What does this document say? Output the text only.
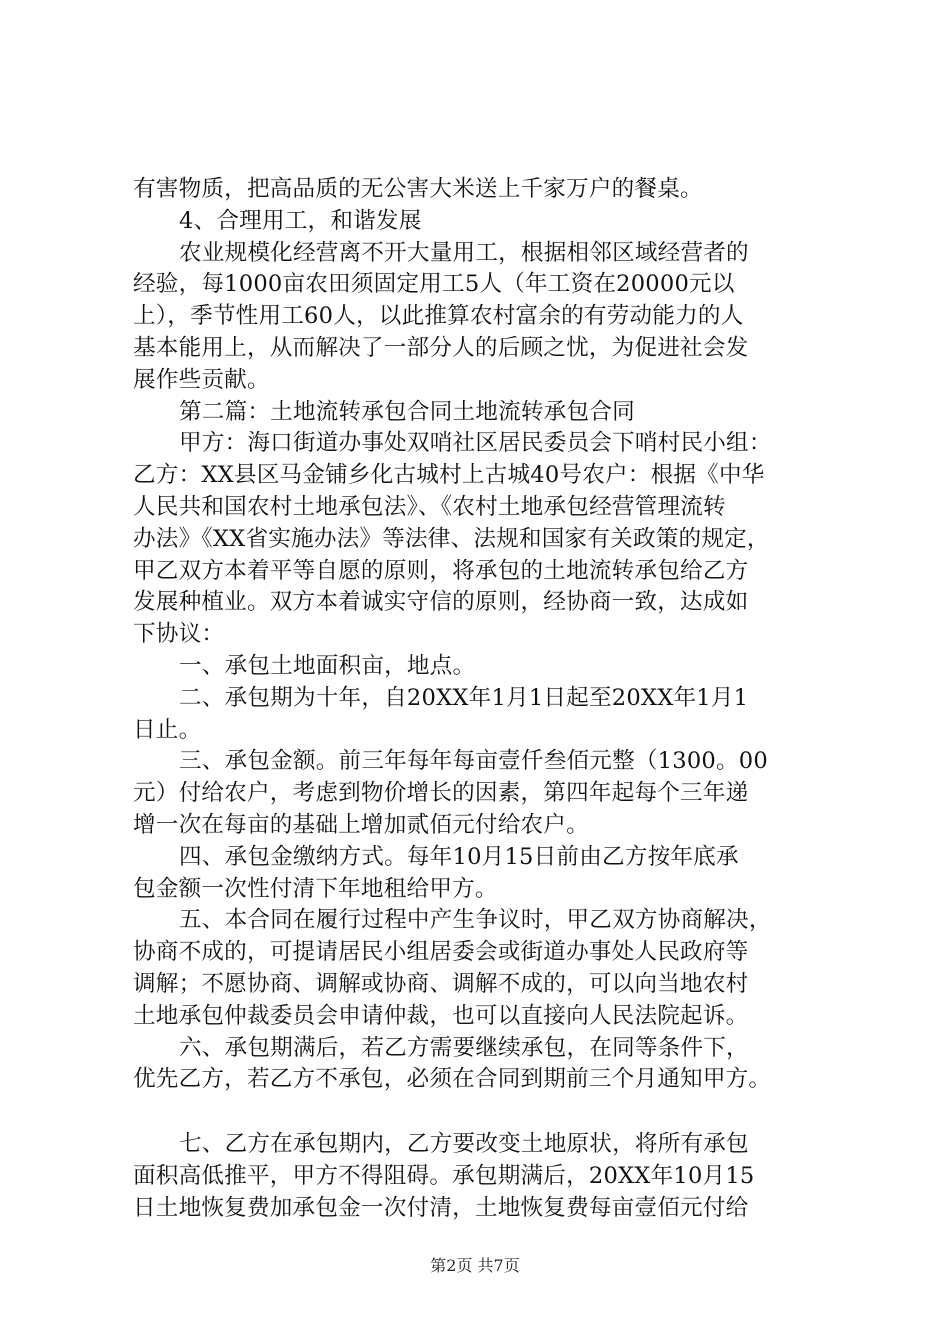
有害物质，把高品质的无公害大米送上千家万户的餐桌。
4、合理用工，和谐发展
农业规模化经营离不开大量用工，根据相邻区域经营者的
经验，每1000亩农田须固定用工5人（年工资在20000元以
上），季节性用工60人，以此推算农村富余的有劳动能力的人
基本能用上，从而解决了一部分人的后顾之忧，为促进社会发
展作些贡献。
第二篇：土地流转承包合同土地流转承包合同
甲方：海口街道办事处双哨社区居民委员会下哨村民小组：
乙方：XX县区马金铺乡化古城村上古城40号农户：根据《中华
人民共和国农村土地承包法》、《农村土地承包经营管理流转
办法》《XX省实施办法》等法律、法规和国家有关政策的规定，
甲乙双方本着平等自愿的原则，将承包的土地流转承包给乙方
发展种植业。双方本着诚实守信的原则，经协商一致，达成如
下协议：
一、承包土地面积亩，地点。
二、承包期为十年，自20XX年1月1日起至20XX年1月1
日止。
三、承包金额。前三年每年每亩壹仟叁佰元整（1300。00
元）付给农户，考虑到物价增长的因素，第四年起每个三年递
增一次在每亩的基础上增加贰佰元付给农户。
四、承包金缴纳方式。每年10月15日前由乙方按年底承
包金额一次性付清下年地租给甲方。
五、本合同在履行过程中产生争议时，甲乙双方协商解决，
协商不成的，可提请居民小组居委会或街道办事处人民政府等
调解；不愿协商、调解或协商、调解不成的，可以向当地农村
土地承包仲裁委员会申请仲裁，也可以直接向人民法院起诉。
六、承包期满后，若乙方需要继续承包，在同等条件下，
优先乙方，若乙方不承包，必须在合同到期前三个月通知甲方。
七、乙方在承包期内，乙方要改变土地原状，将所有承包
面积高低推平，甲方不得阻碍。承包期满后，20XX年10月15
日土地恢复费加承包金一次付清，土地恢复费每亩壹佰元付给
第2页 共7页
